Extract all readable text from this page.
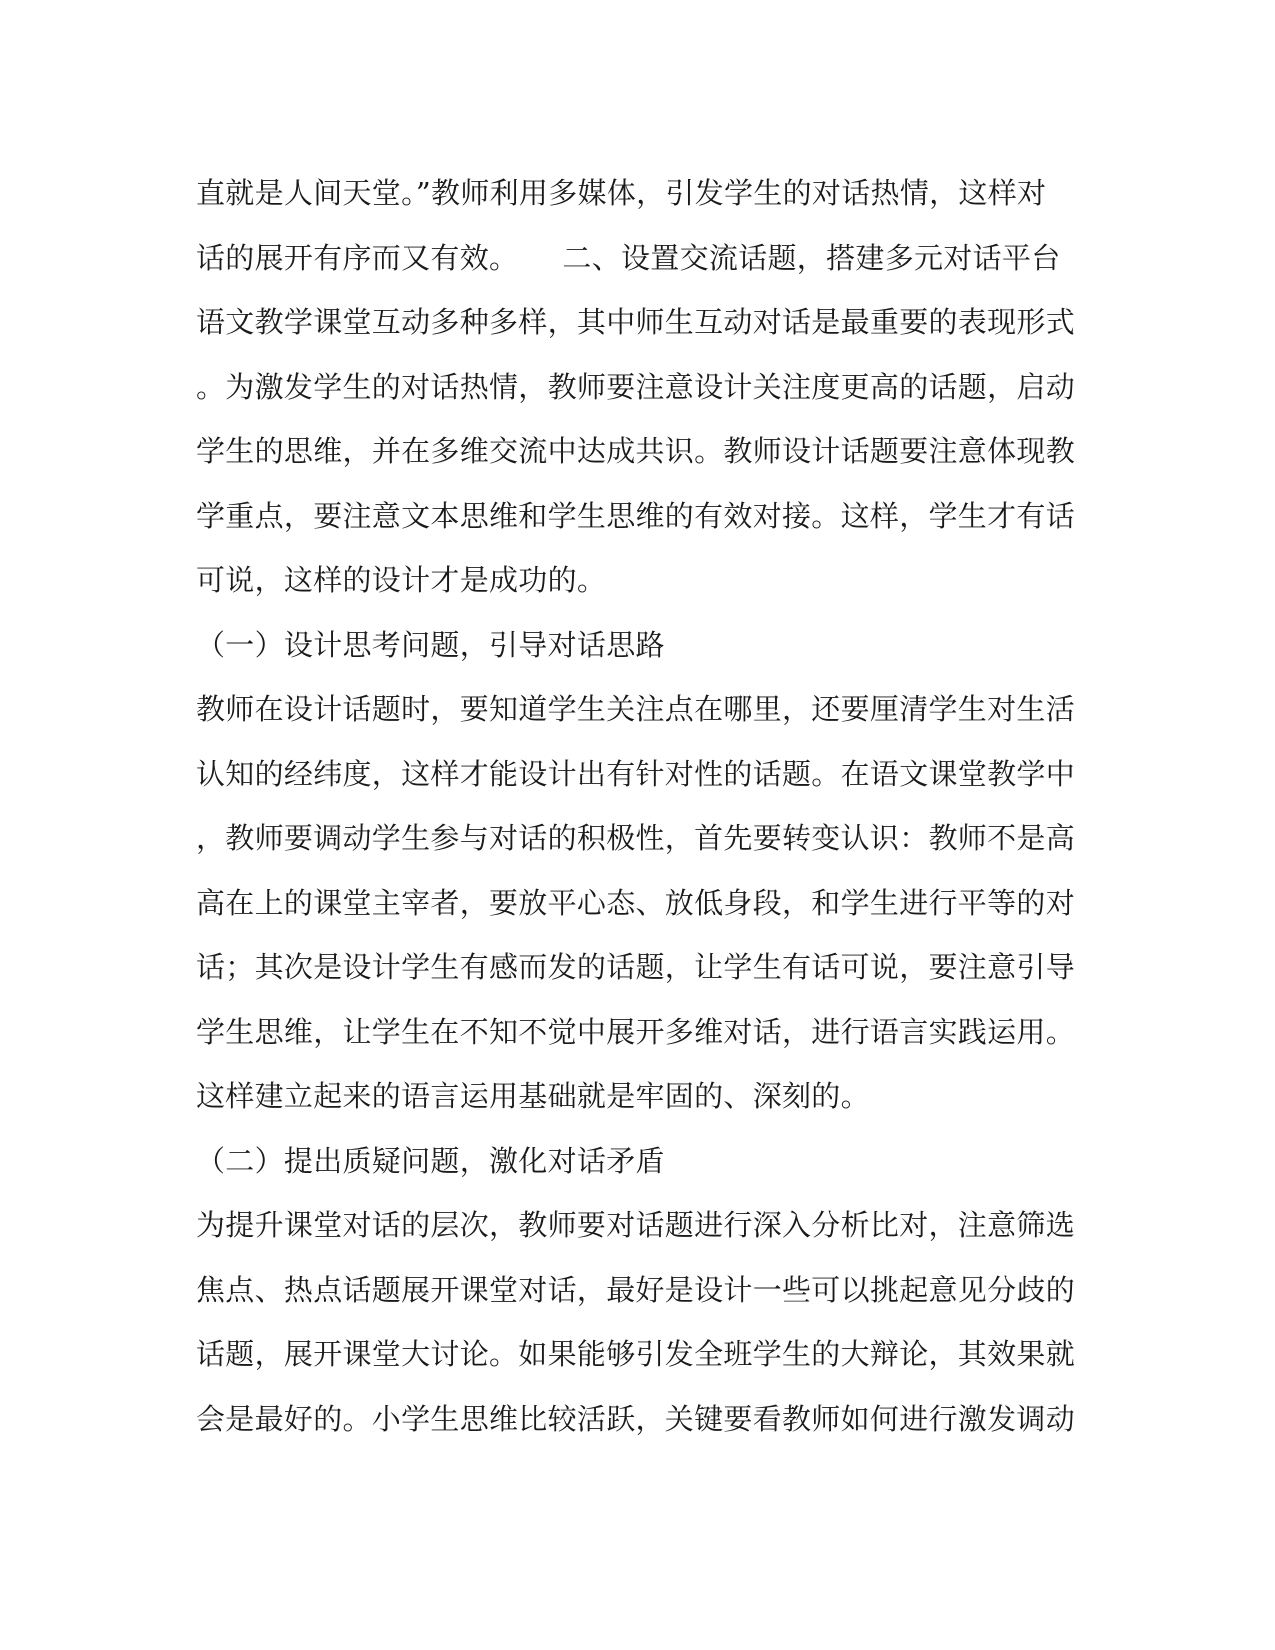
直就是人间天堂。”教师利用多媒体，引发学生的对话热情，这样对
话的展开有序而又有效。　　二、设置交流话题，搭建多元对话平台
语文教学课堂互动多种多样，其中师生互动对话是最重要的表现形式
。为激发学生的对话热情，教师要注意设计关注度更高的话题，启动
学生的思维，并在多维交流中达成共识。教师设计话题要注意体现教
学重点，要注意文本思维和学生思维的有效对接。这样，学生才有话
可说，这样的设计才是成功的。
（一）设计思考问题，引导对话思路
教师在设计话题时，要知道学生关注点在哪里，还要厘清学生对生活
认知的经纬度，这样才能设计出有针对性的话题。在语文课堂教学中
，教师要调动学生参与对话的积极性，首先要转变认识：教师不是高
高在上的课堂主宰者，要放平心态、放低身段，和学生进行平等的对
话；其次是设计学生有感而发的话题，让学生有话可说，要注意引导
学生思维，让学生在不知不觉中展开多维对话，进行语言实践运用。
这样建立起来的语言运用基础就是牢固的、深刻的。
（二）提出质疑问题，激化对话矛盾
为提升课堂对话的层次，教师要对话题进行深入分析比对，注意筛选
焦点、热点话题展开课堂对话，最好是设计一些可以挑起意见分歧的
话题，展开课堂大讨论。如果能够引发全班学生的大辩论，其效果就
会是最好的。小学生思维比较活跃，关键要看教师如何进行激发调动
